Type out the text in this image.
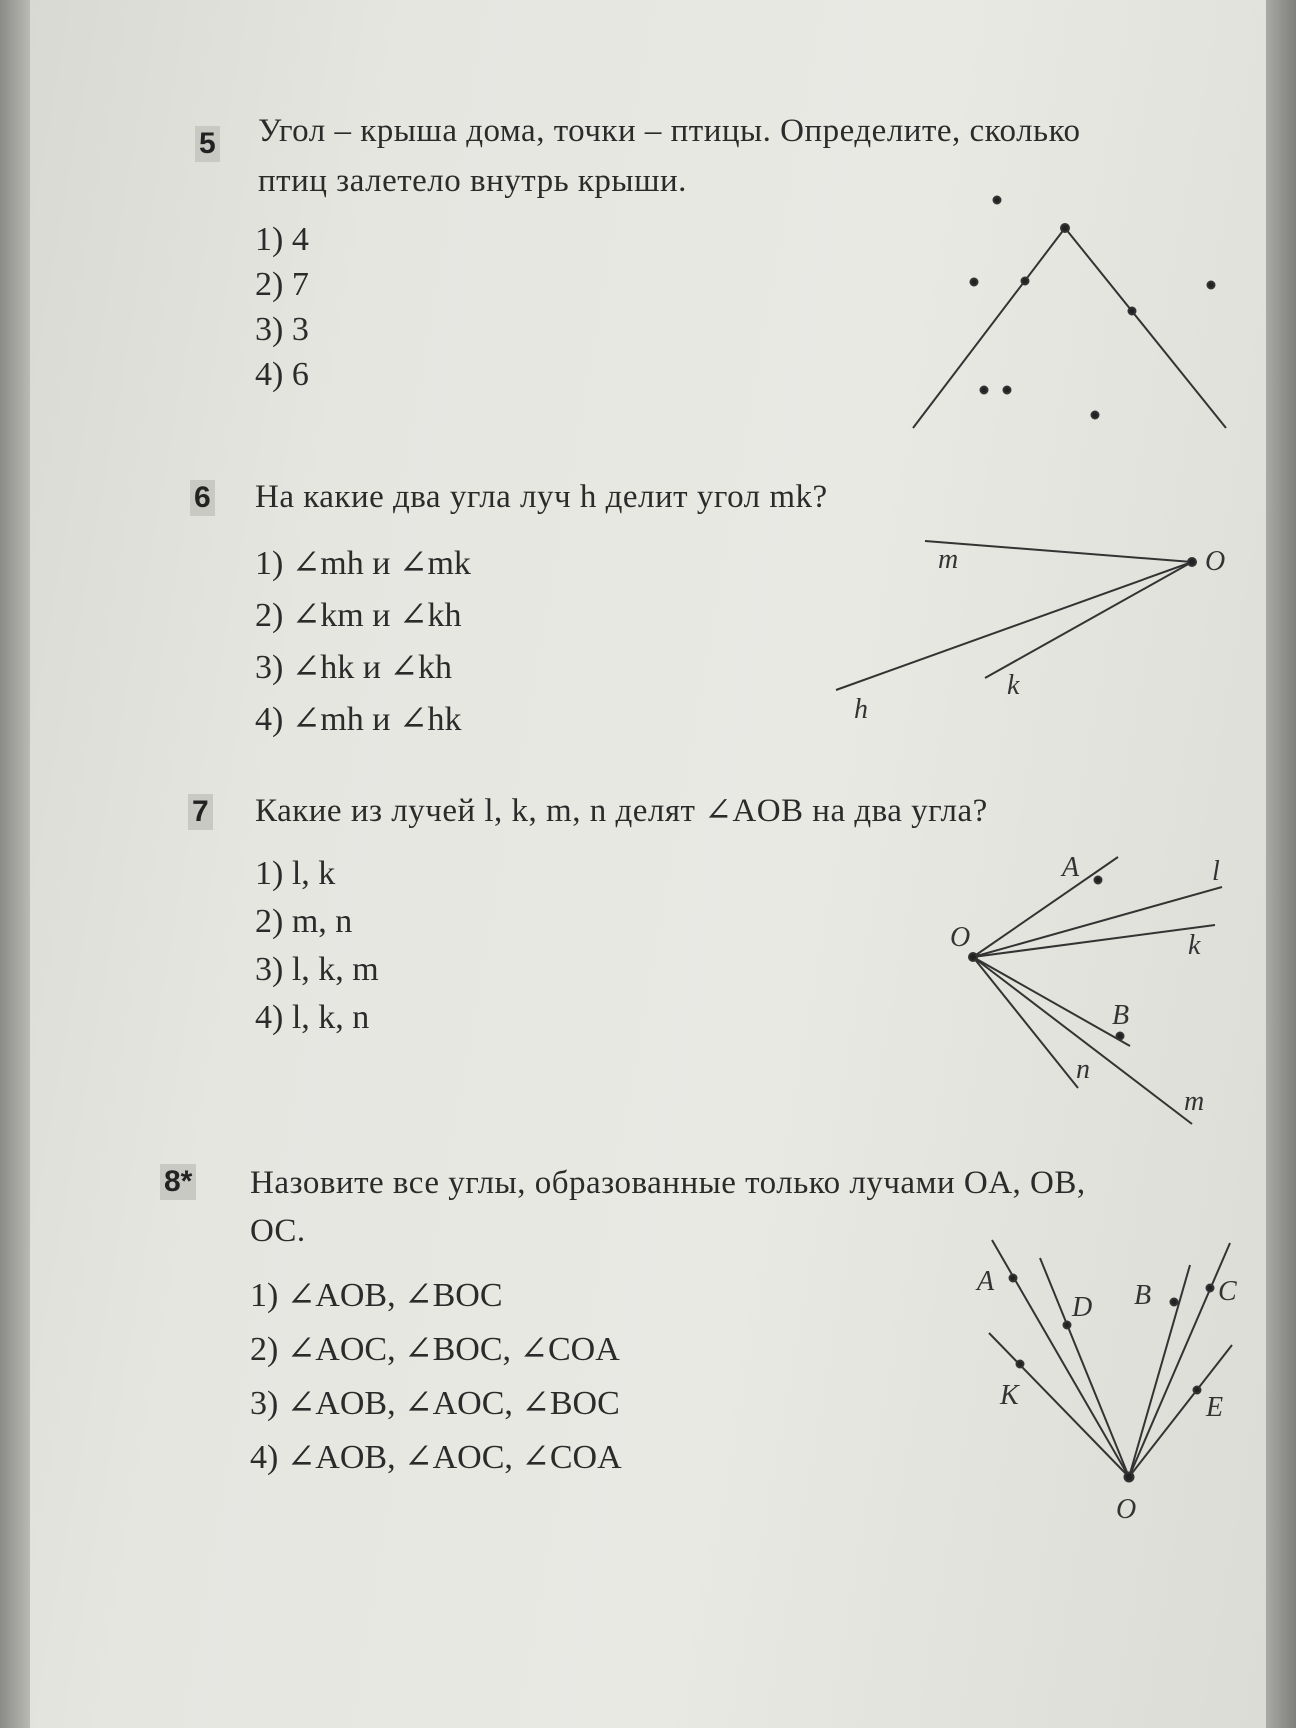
5 Угол – крыша дома, точки – птицы. Определите, сколько
птиц залетело внутрь крыши.
1) 4
2) 7
3) 3
4) 6
6 На какие два угла луч h делит угол mk?
1) ∠mh и ∠mk
2) ∠km и ∠kh
3) ∠hk и ∠kh
4) ∠mh и ∠hk
7 Какие из лучей l, k, m, n делят ∠AOB на два угла?
1) l, k
2) m, n
3) l, k, m
4) l, k, n
8* Назовите все углы, образованные только лучами OA, OB,
OC.
1) ∠AOB, ∠BOC
2) ∠AOC, ∠BOC, ∠COA
3) ∠AOB, ∠AOC, ∠BOC
4) ∠AOB, ∠AOC, ∠COA
m	O
h
k
A	l
O	k
B
n
m
A
D B C
K	E
O
